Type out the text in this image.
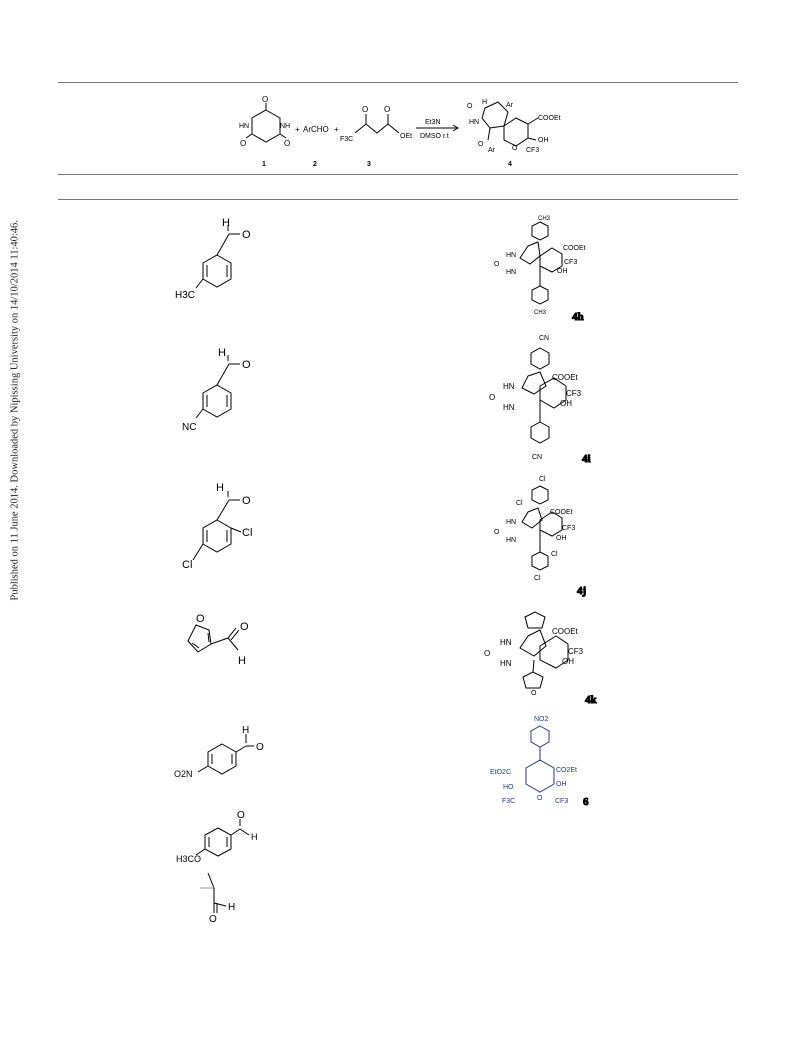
Published on 11 June 2014. Downloaded by Nipissing University on 14/10/2014 11:40:46.
O
O	O
HN	NH + ArCHO +
O O
F3C	OEt
Et3N
DMSO r.t
H
O
HN
Ar
COOEt
OH
CF3
O
O
Ar
1	2	3	4
H
O
H3C
CH3
COOEt
CF3
OH
HN
HN
O
CH3 4h
H
O
NC
CN
COOEt
CF3
OH
HN
HN
O
CN	4i
H
O
Cl
Cl
Cl
Cl
COOEt
CF3
OH
HN
HN
O
Cl
Cl
4j
O
O
H
COOEt
CF3
OH
HN
HN
O
O
4k
H
O
O2N
NO2
EtO2C	CO2Et
OH
HO
F3C	O CF3 6
O
H
H3CO
H
O
